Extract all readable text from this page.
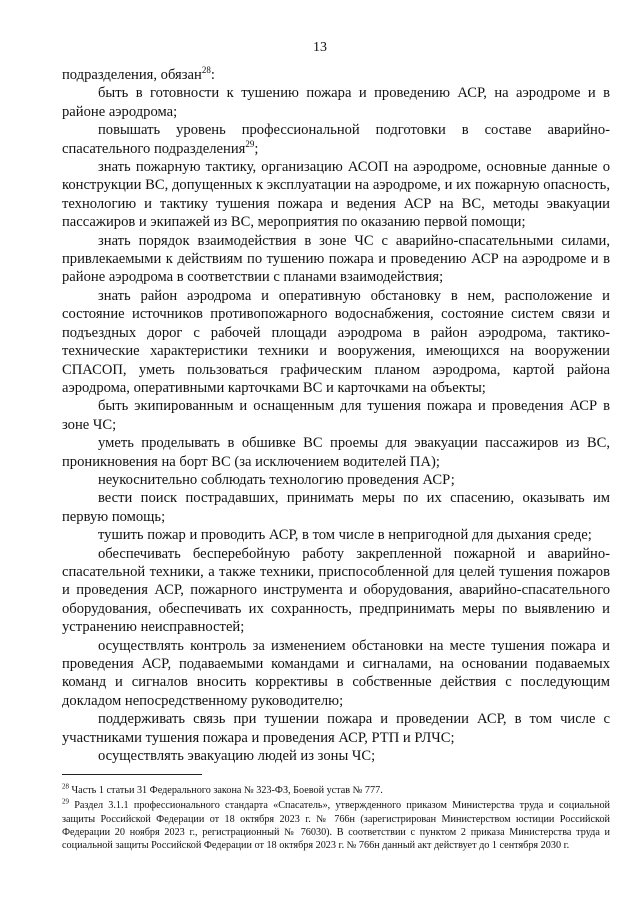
13

подразделения, обязан$^{28}$:

быть в готовности к тушению пожара и проведению АСР, на аэродроме и в районе аэродрома;

повышать уровень профессиональной подготовки в составе аварийно-спасательного подразделения$^{29}$;

знать пожарную тактику, организацию АСОП на аэродроме, основные данные о конструкции ВС, допущенных к эксплуатации на аэродроме, и их пожарную опасность, технологию и тактику тушения пожара и ведения АСР на ВС, методы эвакуации пассажиров и экипажей из ВС, мероприятия по оказанию первой помощи;

знать порядок взаимодействия в зоне ЧС с аварийно-спасательными силами, привлекаемыми к действиям по тушению пожара и проведению АСР на аэродроме и в районе аэродрома в соответствии с планами взаимодействия;

знать район аэродрома и оперативную обстановку в нем, расположение и состояние источников противопожарного водоснабжения, состояние систем связи и подъездных дорог с рабочей площади аэродрома в район аэродрома, тактико-технические характеристики техники и вооружения, имеющихся на вооружении СПАСОП, уметь пользоваться графическим планом аэродрома, картой района аэродрома, оперативными карточками ВС и карточками на объекты;

быть экипированным и оснащенным для тушения пожара и проведения АСР в зоне ЧС;

уметь проделывать в обшивке ВС проемы для эвакуации пассажиров из ВС, проникновения на борт ВС (за исключением водителей ПА);

неукоснительно соблюдать технологию проведения АСР;

вести поиск пострадавших, принимать меры по их спасению, оказывать им первую помощь;

тушить пожар и проводить АСР, в том числе в непригодной для дыхания среде;

обеспечивать бесперебойную работу закрепленной пожарной и аварийно-спасательной техники, а также техники, приспособленной для целей тушения пожаров и проведения АСР, пожарного инструмента и оборудования, аварийно-спасательного оборудования, обеспечивать их сохранность, предпринимать меры по выявлению и устранению неисправностей;

осуществлять контроль за изменением обстановки на месте тушения пожара и проведения АСР, подаваемыми командами и сигналами, на основании подаваемых команд и сигналов вносить коррективы в собственные действия с последующим докладом непосредственному руководителю;

поддерживать связь при тушении пожара и проведении АСР, в том числе с участниками тушения пожара и проведения АСР, РТП и РЛЧС;

осуществлять эвакуацию людей из зоны ЧС;

$^{28}$ Часть 1 статьи 31 Федерального закона № 323-ФЗ, Боевой устав № 777.

$^{29}$ Раздел 3.1.1 профессионального стандарта «Спасатель», утвержденного приказом Министерства труда и социальной защиты Российской Федерации от 18 октября 2023 г. № 766н (зарегистрирован Министерством юстиции Российской Федерации 20 ноября 2023 г., регистрационный № 76030). В соответствии с пунктом 2 приказа Министерства труда и социальной защиты Российской Федерации от 18 октября 2023 г. № 766н данный акт действует до 1 сентября 2030 г.
